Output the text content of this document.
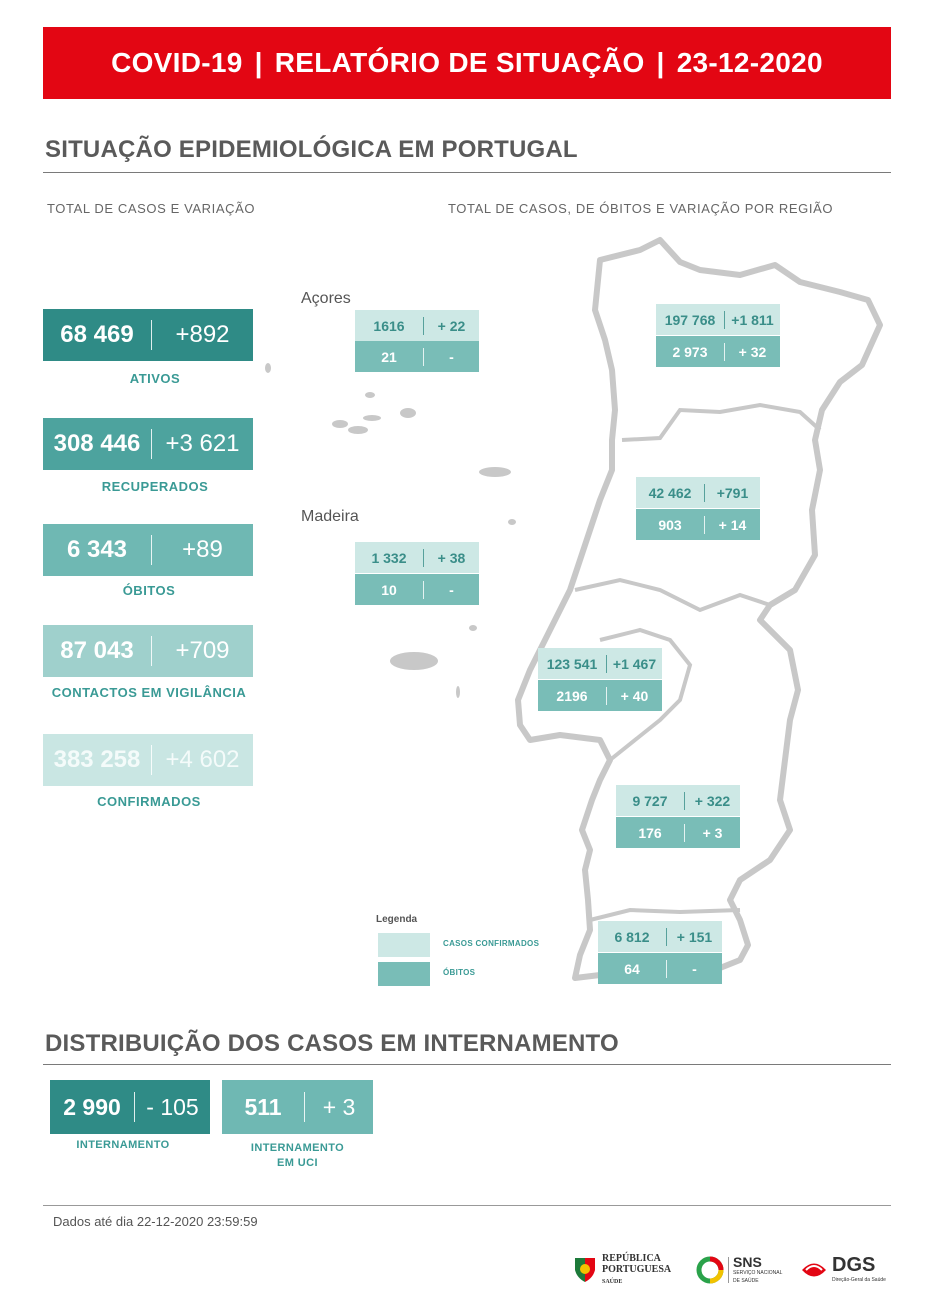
COVID-19 | RELATÓRIO DE SITUAÇÃO | 23-12-2020
SITUAÇÃO EPIDEMIOLÓGICA EM PORTUGAL
TOTAL DE CASOS E VARIAÇÃO	TOTAL DE CASOS, DE ÓBITOS E VARIAÇÃO POR REGIÃO
68 469	+892
ATIVOS
308 446	+3 621
RECUPERADOS
6 343	+89
ÓBITOS
87 043	+709
CONTACTOS EM VIGILÂNCIA
383 258	+4 602
CONFIRMADOS
Açores
Madeira
1616	+ 22
21	-
1 332	+ 38
10	-
197 768	+1 811
2 973	+ 32
42 462	+791
903	+ 14
123 541	+1 467
2196	+ 40
9 727	+ 322
176	+ 3
6 812	+ 151
64	-
Legenda
CASOS CONFIRMADOS
ÓBITOS
DISTRIBUIÇÃO DOS CASOS EM INTERNAMENTO
2 990	- 105
INTERNAMENTO
511	+ 3
INTERNAMENTO
EM UCI
Dados até dia 22-12-2020 23:59:59
REPÚBLICA
PORTUGUESA
SAÚDE
SNS
SERVIÇO NACIONAL
DE SAÚDE
DGS
Direção-Geral da Saúde
